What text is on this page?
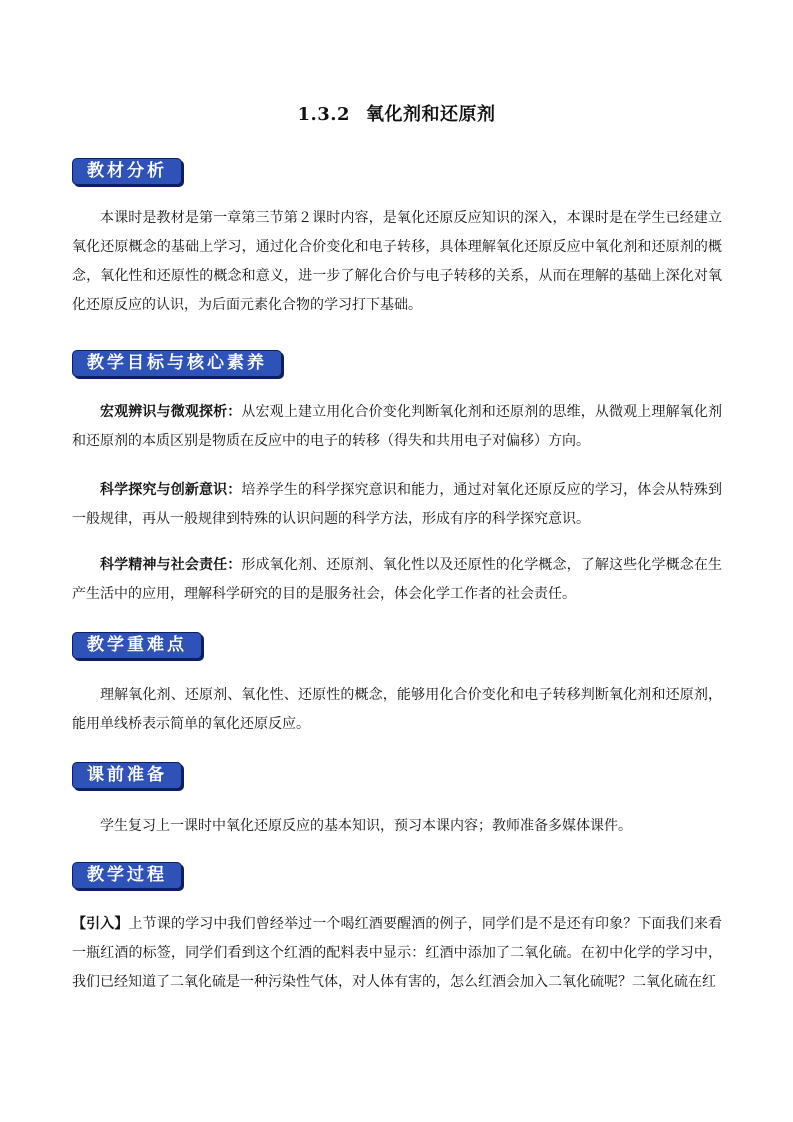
1.3.2 氧化剂和还原剂
教材分析

本课时是教材是第一章第三节第２课时内容，是氧化还原反应知识的深入，本课时是在学生已经建立氧化还原概念的基础上学习，通过化合价变化和电子转移，具体理解氧化还原反应中氧化剂和还原剂的概念，氧化性和还原性的概念和意义，进一步了解化合价与电子转移的关系，从而在理解的基础上深化对氧化还原反应的认识，为后面元素化合物的学习打下基础。

教学目标与核心素养

宏观辨识与微观探析：从宏观上建立用化合价变化判断氧化剂和还原剂的思维，从微观上理解氧化剂和还原剂的本质区别是物质在反应中的电子的转移（得失和共用电子对偏移）方向。

科学探究与创新意识：培养学生的科学探究意识和能力，通过对氧化还原反应的学习，体会从特殊到一般规律，再从一般规律到特殊的认识问题的科学方法，形成有序的科学探究意识。

科学精神与社会责任：形成氧化剂、还原剂、氧化性以及还原性的化学概念，了解这些化学概念在生产生活中的应用，理解科学研究的目的是服务社会，体会化学工作者的社会责任。

教学重难点

理解氧化剂、还原剂、氧化性、还原性的概念，能够用化合价变化和电子转移判断氧化剂和还原剂，能用单线桥表示简单的氧化还原反应。

课前准备

学生复习上一课时中氧化还原反应的基本知识，预习本课内容；教师准备多媒体课件。

教学过程

【引入】上节课的学习中我们曾经举过一个喝红酒要醒酒的例子，同学们是不是还有印象？下面我们来看一瓶红酒的标签，同学们看到这个红酒的配料表中显示：红酒中添加了二氧化硫。在初中化学的学习中，我们已经知道了二氧化硫是一种污染性气体，对人体有害的，怎么红酒会加入二氧化硫呢？二氧化硫在红
